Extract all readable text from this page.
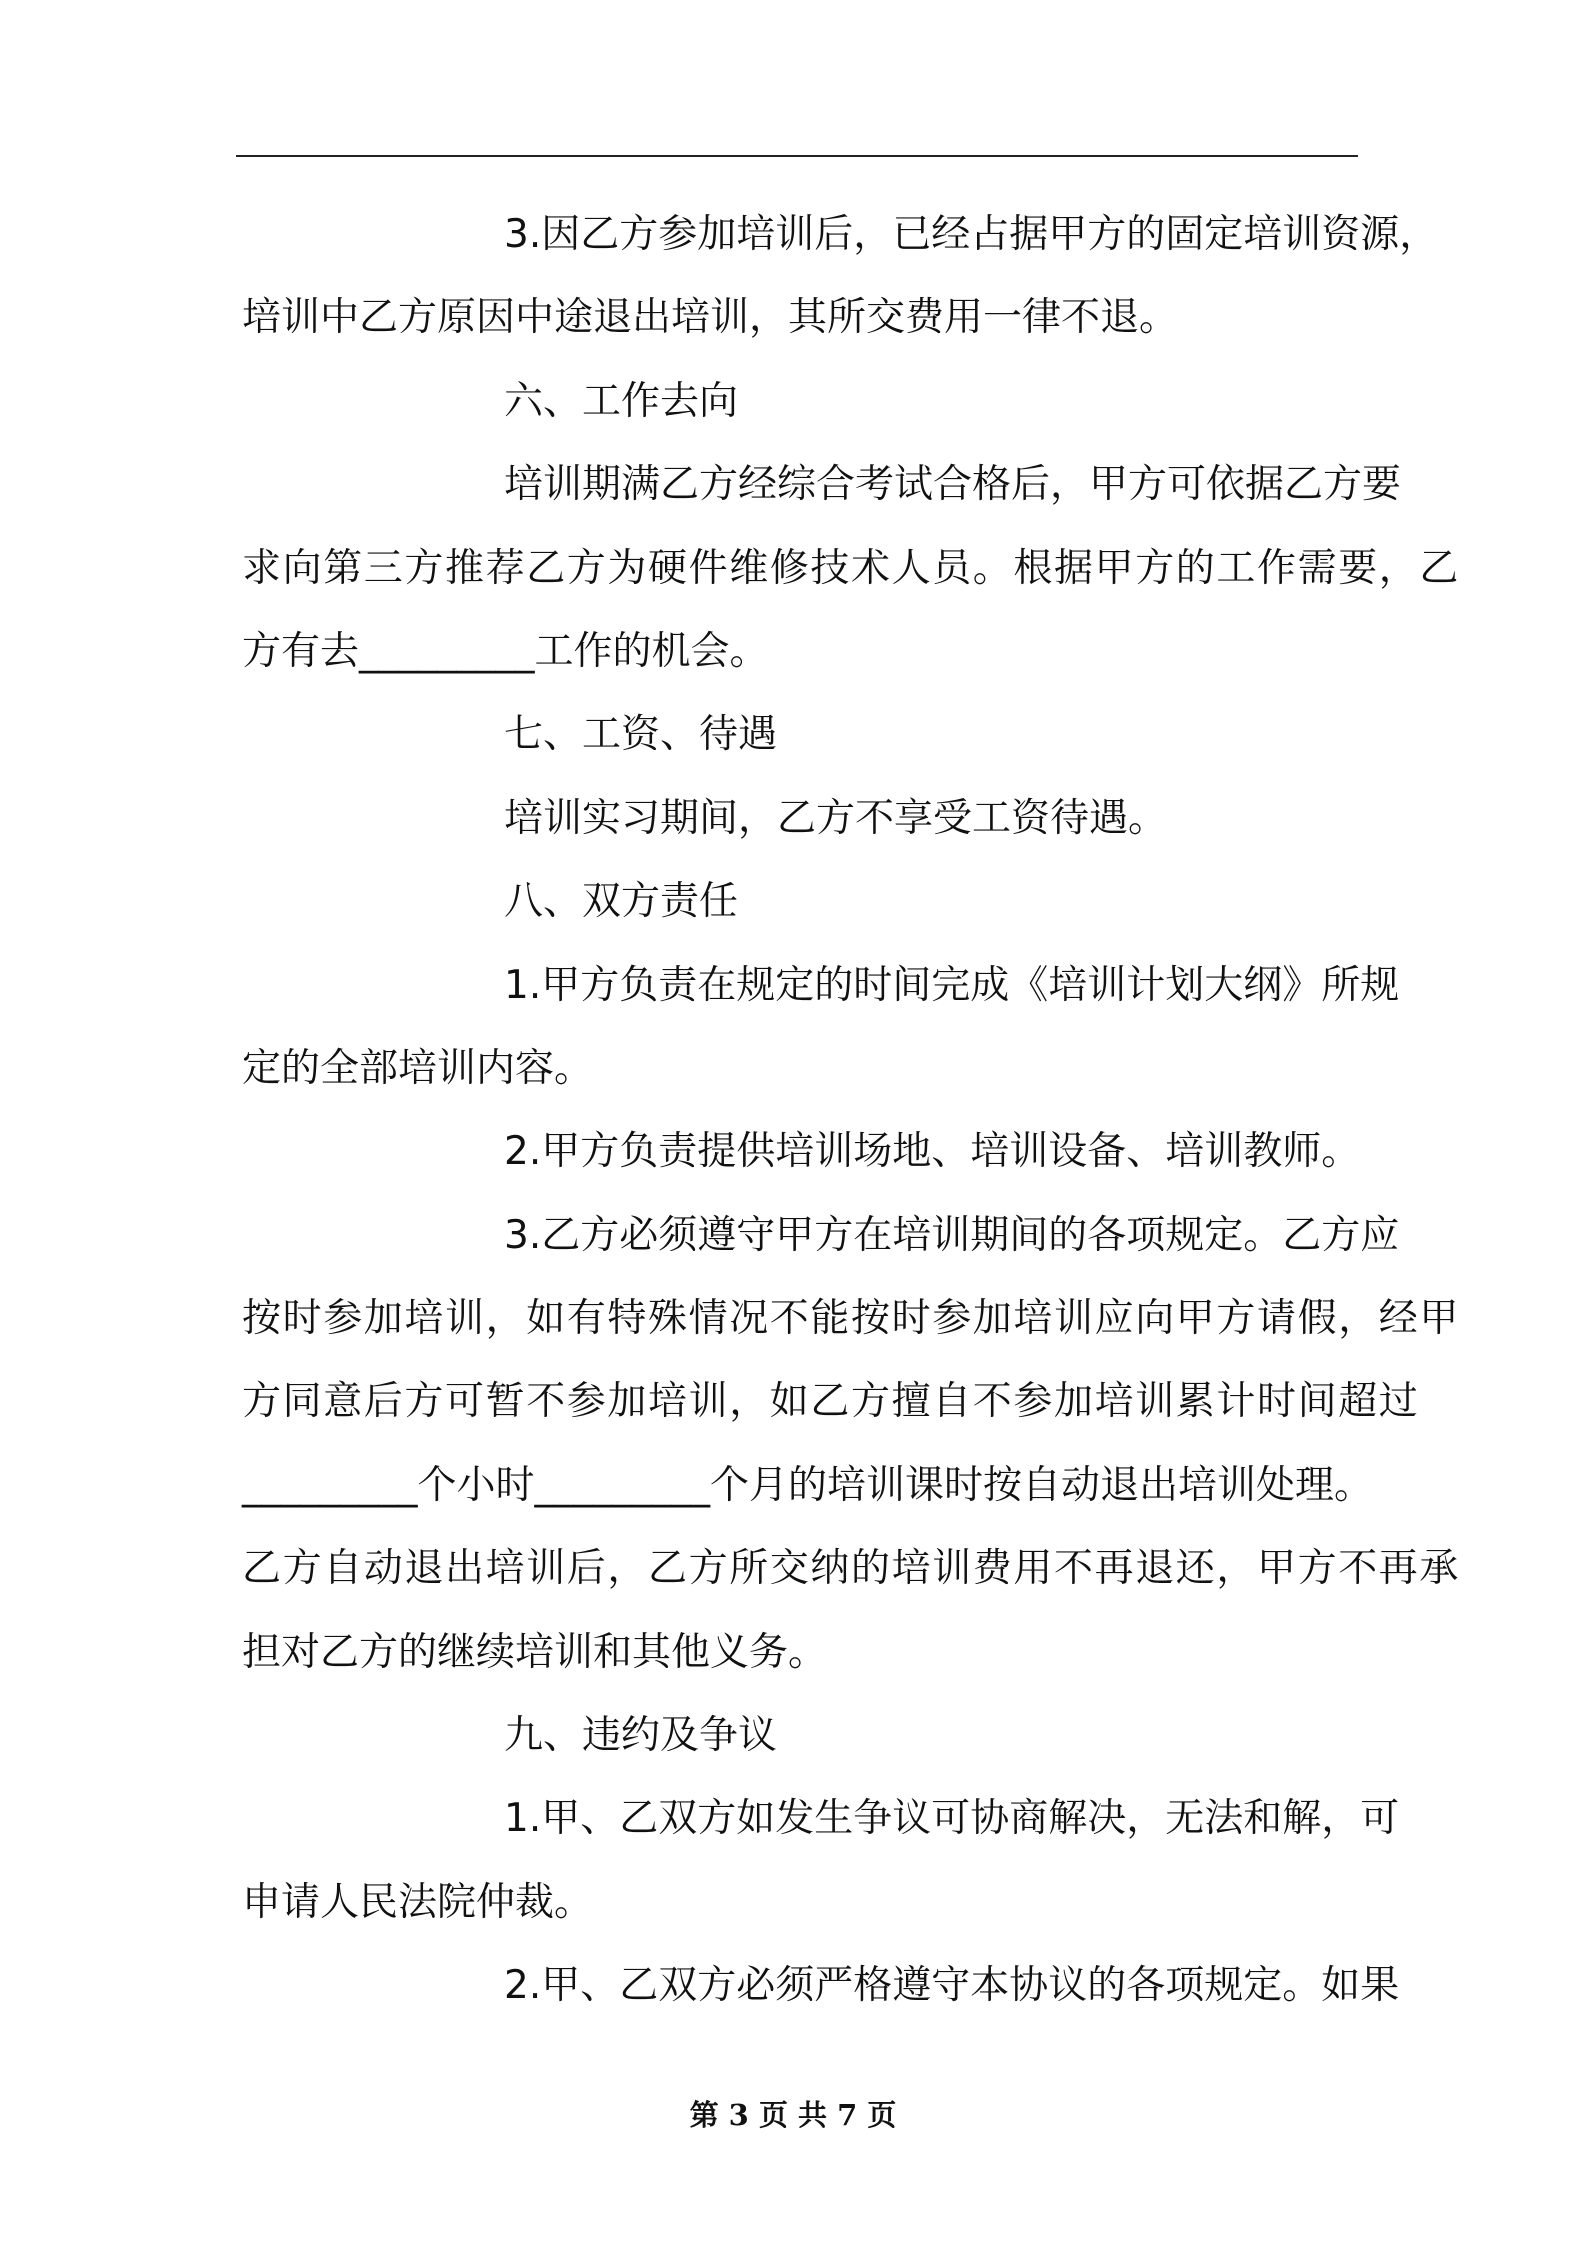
3.因乙方参加培训后，已经占据甲方的固定培训资源，
培训中乙方原因中途退出培训，其所交费用一律不退。
六、工作去向
培训期满乙方经综合考试合格后，甲方可依据乙方要
求向第三方推荐乙方为硬件维修技术人员。根据甲方的工作需要，乙
方有去_________工作的机会。
七、工资、待遇
培训实习期间，乙方不享受工资待遇。
八、双方责任
1.甲方负责在规定的时间完成《培训计划大纲》所规
定的全部培训内容。
2.甲方负责提供培训场地、培训设备、培训教师。
3.乙方必须遵守甲方在培训期间的各项规定。乙方应
按时参加培训，如有特殊情况不能按时参加培训应向甲方请假，经甲
方同意后方可暂不参加培训，如乙方擅自不参加培训累计时间超过
_________个小时_________个月的培训课时按自动退出培训处理。
乙方自动退出培训后，乙方所交纳的培训费用不再退还，甲方不再承
担对乙方的继续培训和其他义务。
九、违约及争议
1.甲、乙双方如发生争议可协商解决，无法和解，可
申请人民法院仲裁。
2.甲、乙双方必须严格遵守本协议的各项规定。如果
第 3 页 共 7 页
